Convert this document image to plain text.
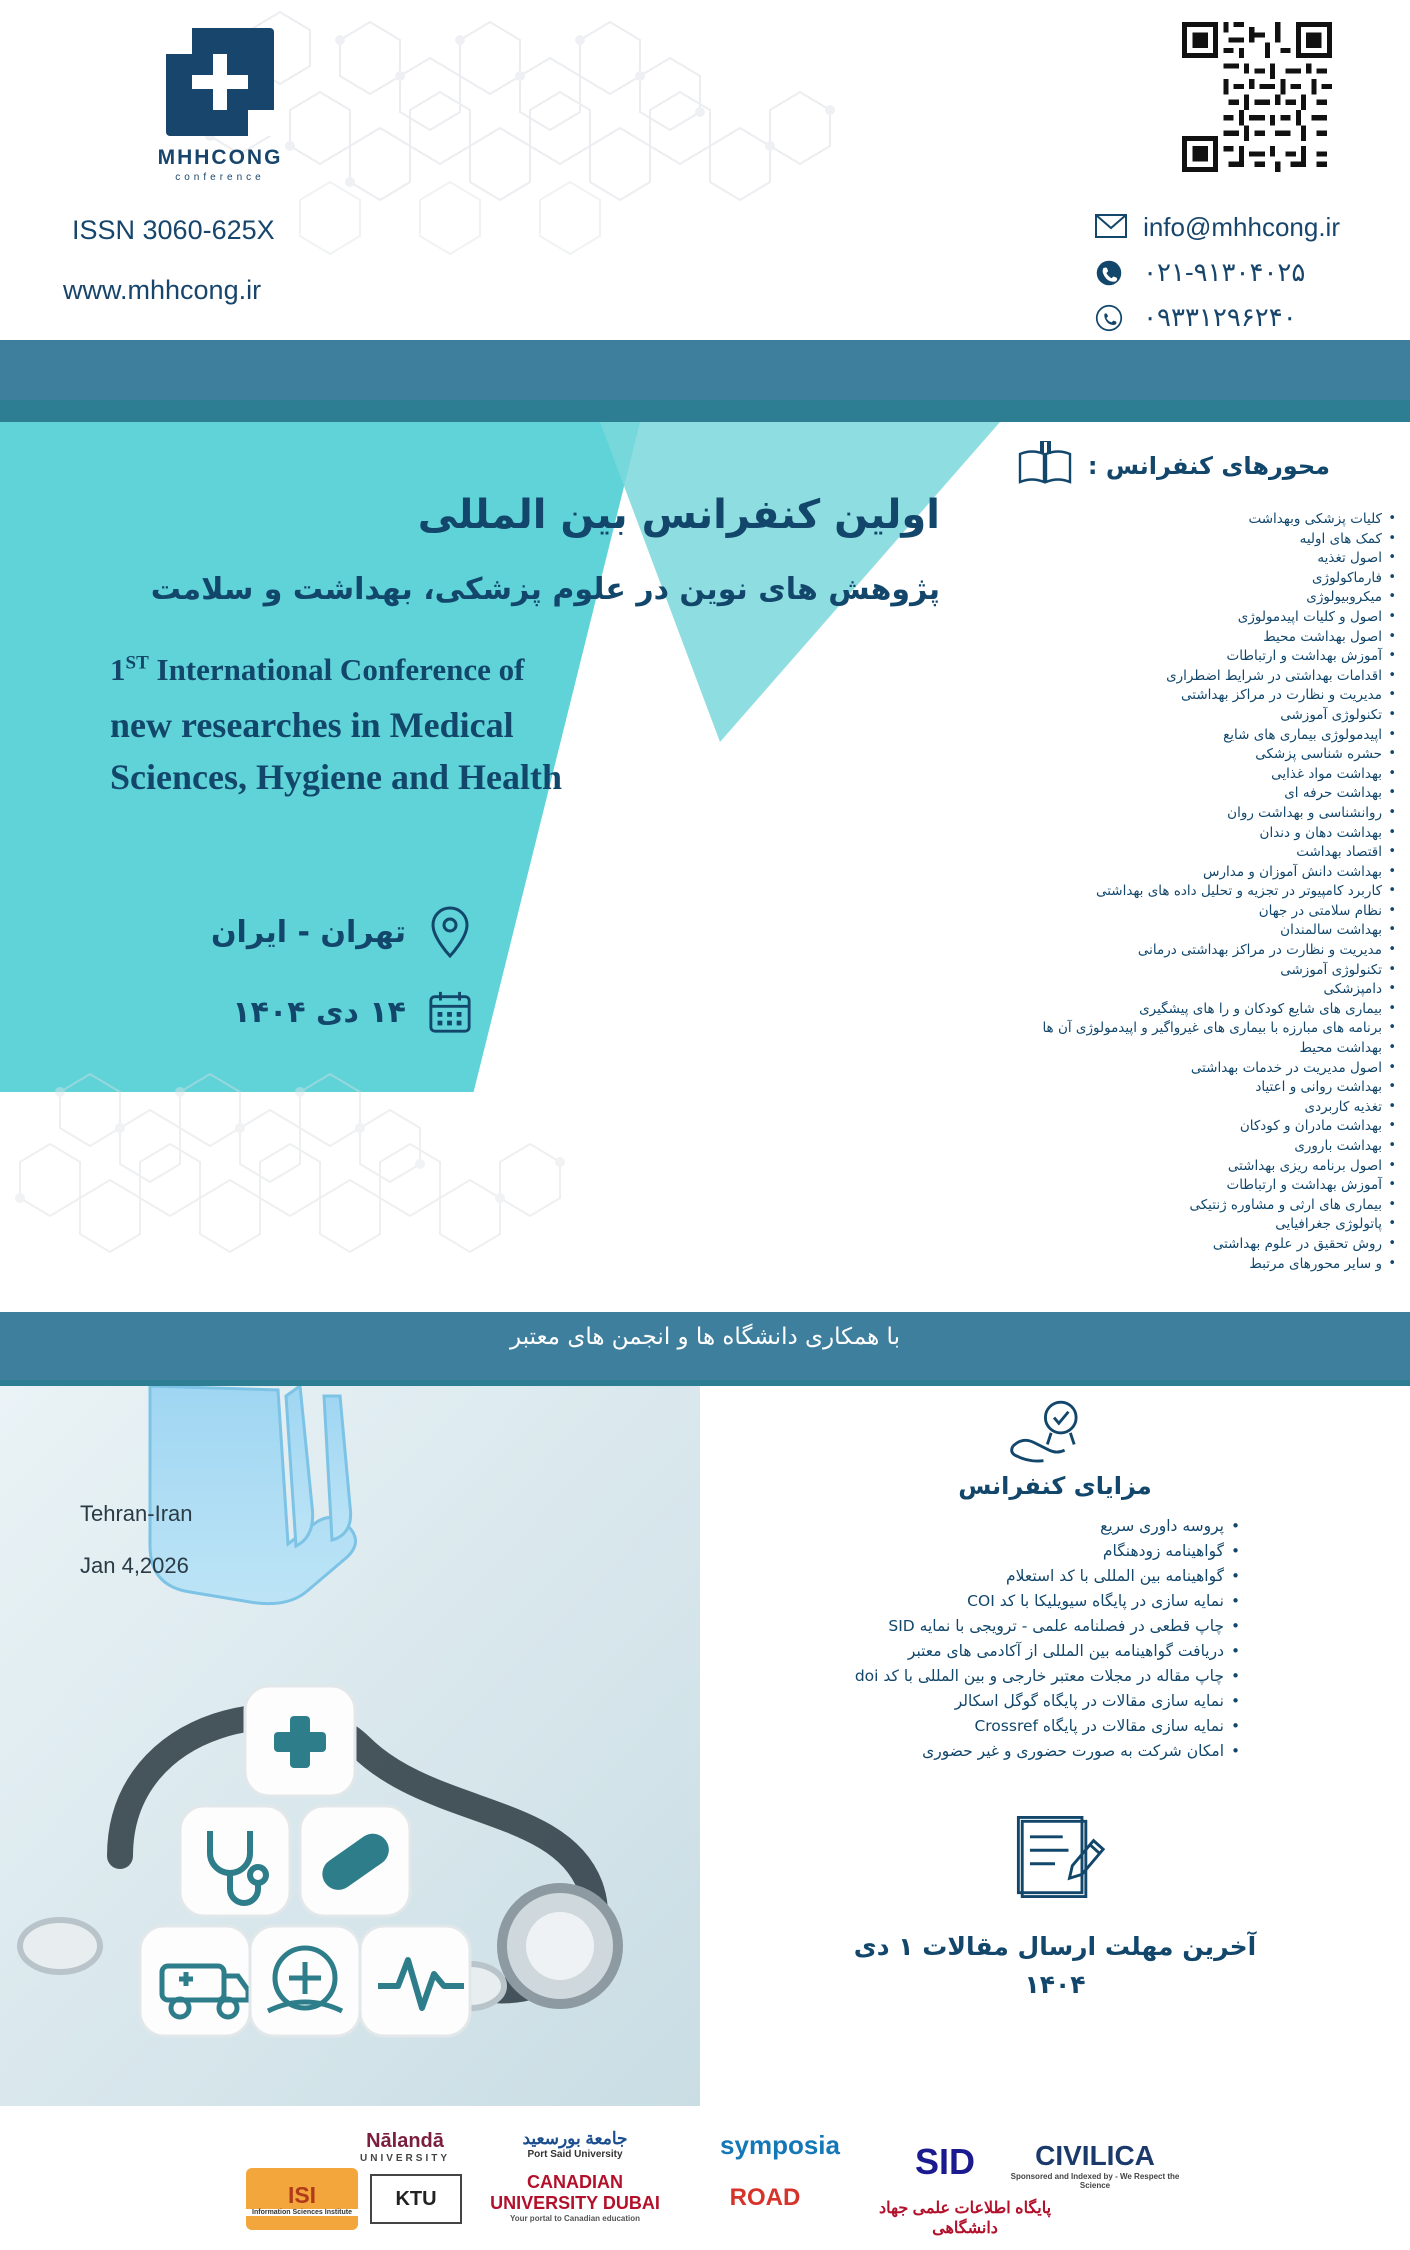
MHHCONG
conference
ISSN 3060-625X
www.mhhcong.ir
info@mhhcong.ir
۰۲۱-۹۱۳۰۴۰۲۵
۰۹۳۳۱۲۹۶۲۴۰
اولین کنفرانس بین المللی
پژوهش های نوین در علوم پزشکی، بهداشت و سلامت
1ST International Conference of
new researches in Medical
Sciences, Hygiene and Health
تهران - ایران
۱۴ دی ۱۴۰۴
محورهای کنفرانس :
• کلیات پزشکی وبهداشت
• کمک های اولیه
• اصول تغذیه
• فارماکولوژی
• میکروبیولوژی
• اصول و کلیات اپیدمولوژی
• اصول بهداشت محیط
• آموزش بهداشت و ارتباطات
• اقدامات بهداشتی در شرایط اضطراری
• مدیریت و نظارت در مراکز بهداشتی
• تکنولوژی آموزشی
• اپیدمولوژی بیماری های شایع
• حشره شناسی پزشکی
• بهداشت مواد غذایی
• بهداشت حرفه ای
• روانشناسی و بهداشت روان
• بهداشت دهان و دندان
• اقتصاد بهداشت
• بهداشت دانش آموزان و مدارس
• کاربرد کامپیوتر در تجزیه و تحلیل داده های بهداشتی
• نظام سلامتی در جهان
• بهداشت سالمندان
• مدیریت و نظارت در مراکز بهداشتی درمانی
• تکنولوژی آموزشی
• دامپزشکی
• بیماری های شایع کودکان و را های پیشگیری
• برنامه های مبارزه با بیماری های غیرواگیر و اپیدمولوژی آن ها
• بهداشت محیط
• اصول مدیریت در خدمات بهداشتی
• بهداشت روانی و اعتیاد
• تغذیه کاربردی
• بهداشت مادران و کودکان
• بهداشت باروری
• اصول برنامه ریزی بهداشتی
• آموزش بهداشت و ارتباطات
• بیماری های ارثی و مشاوره ژنتیکی
• پاتولوژی جغرافیایی
• روش تحقیق در علوم بهداشتی
• و سایر محورهای مرتبط
با همکاری دانشگاه ها و انجمن های معتبر
Tehran-Iran
Jan 4,2026
مزایای کنفرانس
• پروسه داوری سریع
• گواهینامه زودهنگام
• گواهینامه بین المللی با کد استعلام
• نمایه سازی در پایگاه سیویلیکا با کد COI
• چاپ قطعی در فصلنامه علمی - ترویجی با نمایه SID
• دریافت گواهینامه بین المللی از آکادمی های معتبر
• چاپ مقاله در مجلات معتبر خارجی و بین المللی با کد doi
• نمایه سازی مقالات در پایگاه گوگل اسکالر
• نمایه سازی مقالات در پایگاه Crossref
• امکان شرکت به صورت حضوری و غیر حضوری
آخرین مهلت ارسال مقالات ۱ دی
۱۴۰۴
ISI
Information Sciences Institute
KTU
Nālandā
UNIVERSITY
CANADIAN UNIVERSITY DUBAI
Your portal to Canadian education
جامعة بورسعيد
Port Said University
ROAD
symposia SID CIVILICA
Sponsored and Indexed by - We Respect the Science
پایگاه اطلاعات علمی جهاد دانشگاهی
